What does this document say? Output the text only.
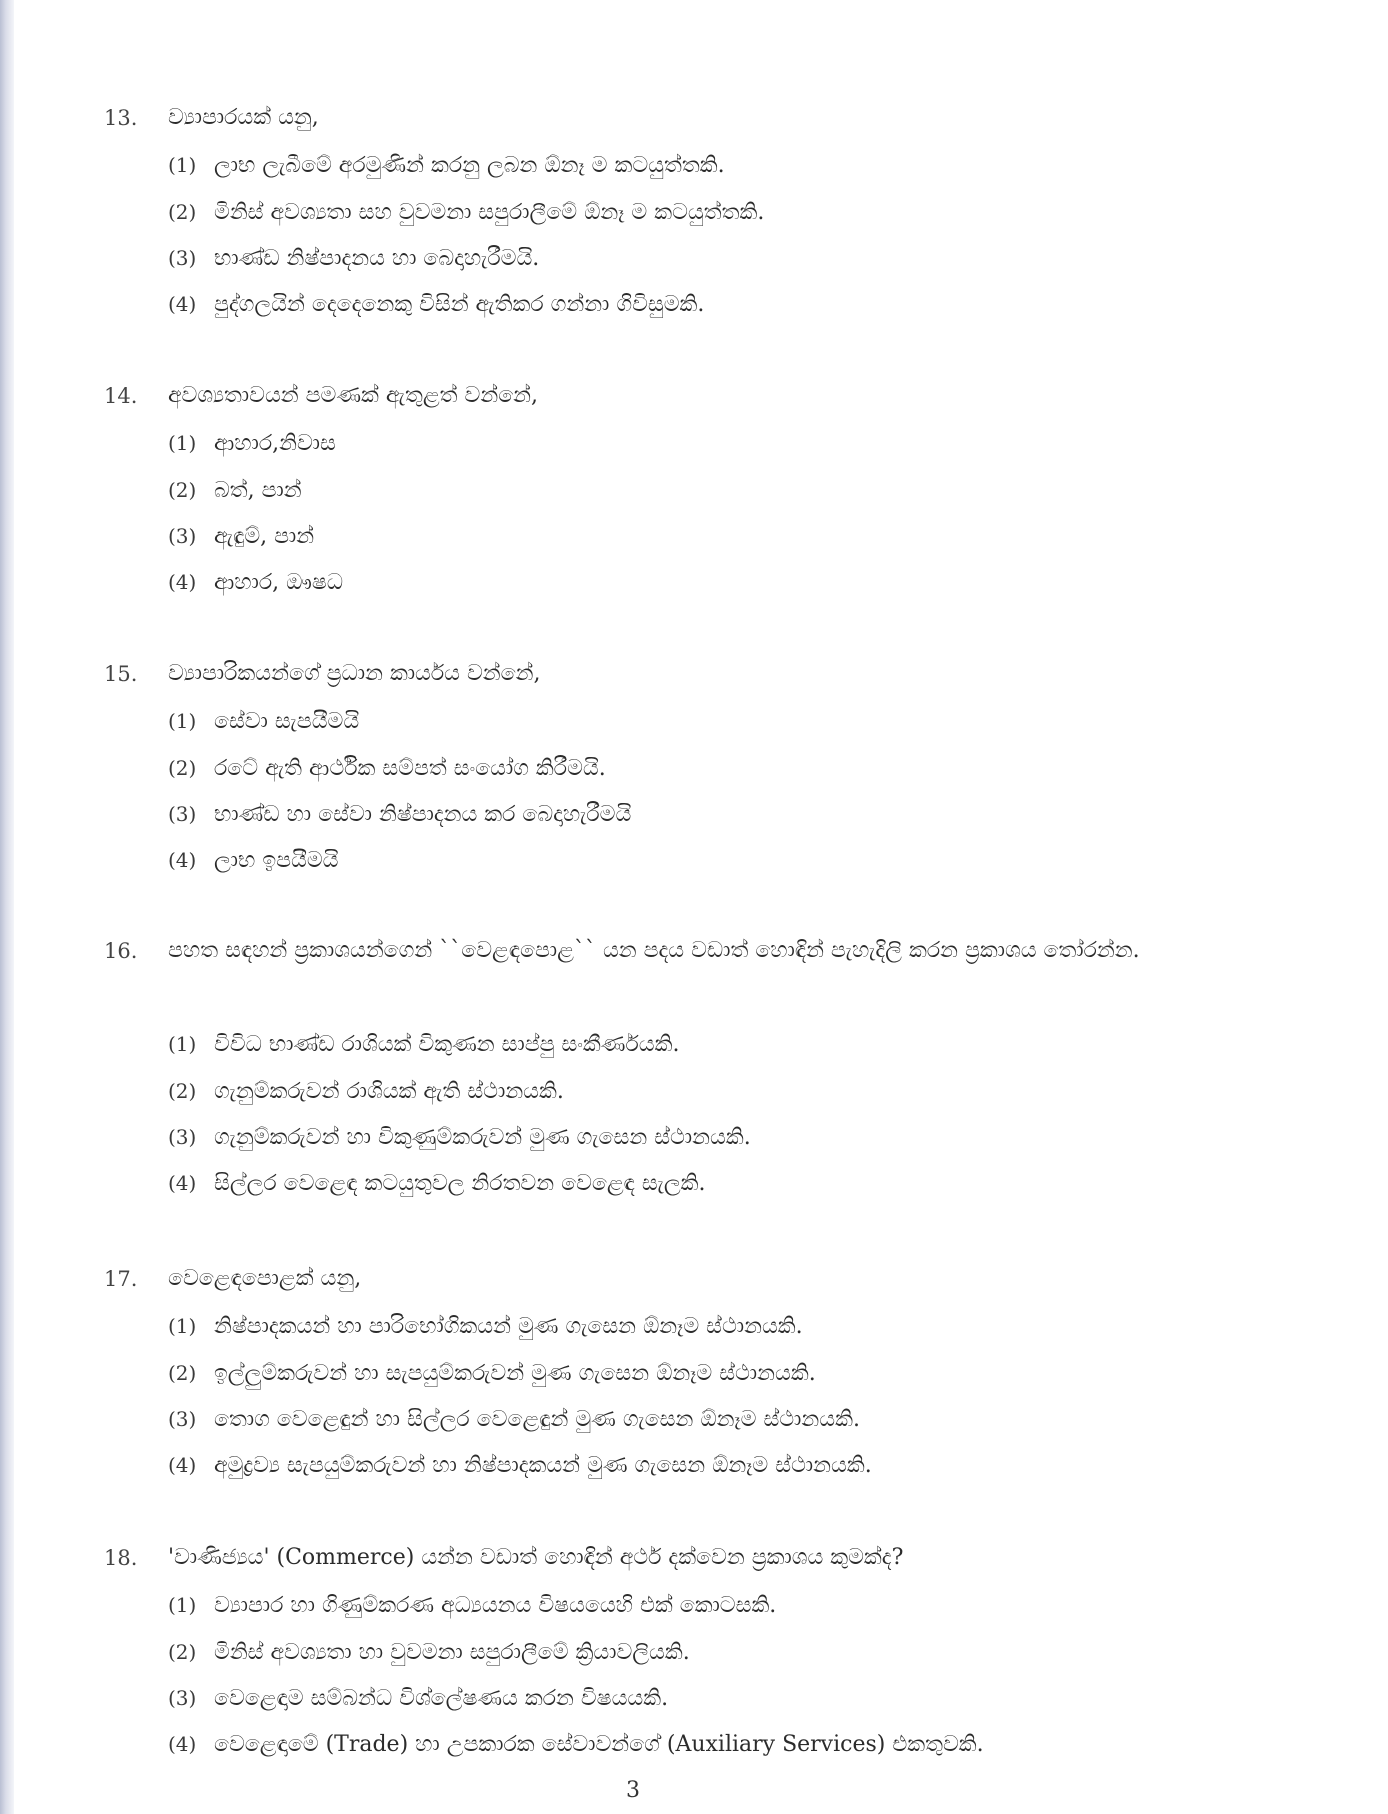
13. ව්‍යාපාරයක් යනු,
(1) ලාභ ලැබීමේ අරමුණින් කරනු ලබන ඕනෑ ම කටයුත්තකි.
(2) මිනිස් අවශ්‍යතා සහ වුවමනා සපුරාලීමේ ඕනෑ ම කටයුත්තකි.
(3) භාණ්ඩ නිෂ්පාදනය හා බෙදාහැරීමයි.
(4) පුද්ගලයින් දෙදෙනෙකු විසින් ඇතිකර ගන්නා ගිවිසුමකි.
14. අවශ්‍යතාවයන් පමණක් ඇතුළත් වන්නේ,
(1) ආහාර,නිවාස
(2) බත්, පාන්
(3) ඇඳුම්, පාන්
(4) ආහාර, ඖෂධ
15. ව්‍යාපාරිකයන්ගේ ප්‍රධාන කාර්යය වන්නේ,
(1) සේවා සැපයීමයි
(2) රටේ ඇති ආර්ථික සම්පත් සංයෝග කිරීමයි.
(3) භාණ්ඩ හා සේවා නිෂ්පාදනය කර බෙදාහැරීමයි
(4) ලාභ ඉපයීමයි
16. පහත සඳහන් ප්‍රකාශයන්ගෙන් ``වෙළඳපොළ`` යන පදය වඩාත් හොඳින් පැහැදිලි කරන ප්‍රකාශය තෝරන්න.
(1) විවිධ භාණ්ඩ රාශියක් විකුණන සාප්පු සංකීර්ණයකි.
(2) ගැනුම්කරුවන් රාශියක් ඇති ස්ථානයකි.
(3) ගැනුම්කරුවන් හා විකුණුම්කරුවන් මුණ ගැසෙන ස්ථානයකි.
(4) සිල්ලර වෙළෙඳ කටයුතුවල නිරතවන වෙළෙඳ සැලකි.
17. වෙළෙඳපොළක් යනු,
(1) නිෂ්පාදකයන් හා පාරිභෝගිකයන් මුණ ගැසෙන ඕනෑම ස්ථානයකි.
(2) ඉල්ලුම්කරුවන් හා සැපයුම්කරුවන් මුණ ගැසෙන ඕනෑම ස්ථානයකි.
(3) තොග වෙළෙඳුන් හා සිල්ලර වෙළෙඳුන් මුණ ගැසෙන ඕනෑම ස්ථානයකි.
(4) අමුද්‍රව්‍ය සැපයුම්කරුවන් හා නිෂ්පාදකයන් මුණ ගැසෙන ඕනෑම ස්ථානයකි.
18. 'වාණිජ්‍යය' (Commerce) යන්න වඩාත් හොඳින් අර්ථ දක්වෙන ප්‍රකාශය කුමක්ද?
(1) ව්‍යාපාර හා ගිණුම්කරණ අධ්‍යයනය විෂයයෙහි එක් කොටසකි.
(2) මිනිස් අවශ්‍යතා හා වුවමනා සපුරාලීමේ ක්‍රියාවලියකි.
(3) වෙළෙඳාම සම්බන්ධ විශ්ලේෂණය කරන විෂයයකි.
(4) වෙළෙඳාමේ (Trade) හා උපකාරක සේවාවන්ගේ (Auxiliary Services) එකතුවකි.
3
